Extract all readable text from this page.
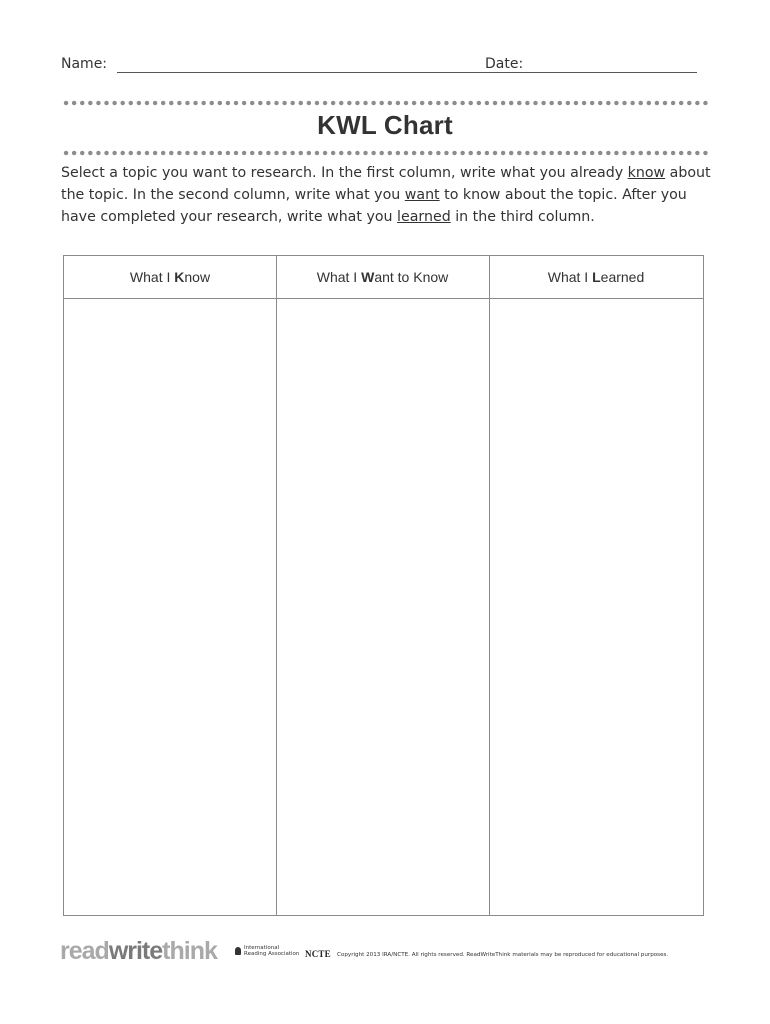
Name:	Date:
KWL Chart
Select a topic you want to research. In the first column, write what you already know about the topic. In the second column, write what you want to know about the topic. After you have completed your research, write what you learned in the third column.
What I Know	What I Want to Know	What I Learned
readwritethink	International
Reading Association NCTE Copyright 2013 IRA/NCTE. All rights reserved. ReadWriteThink materials may be reproduced for educational purposes.
